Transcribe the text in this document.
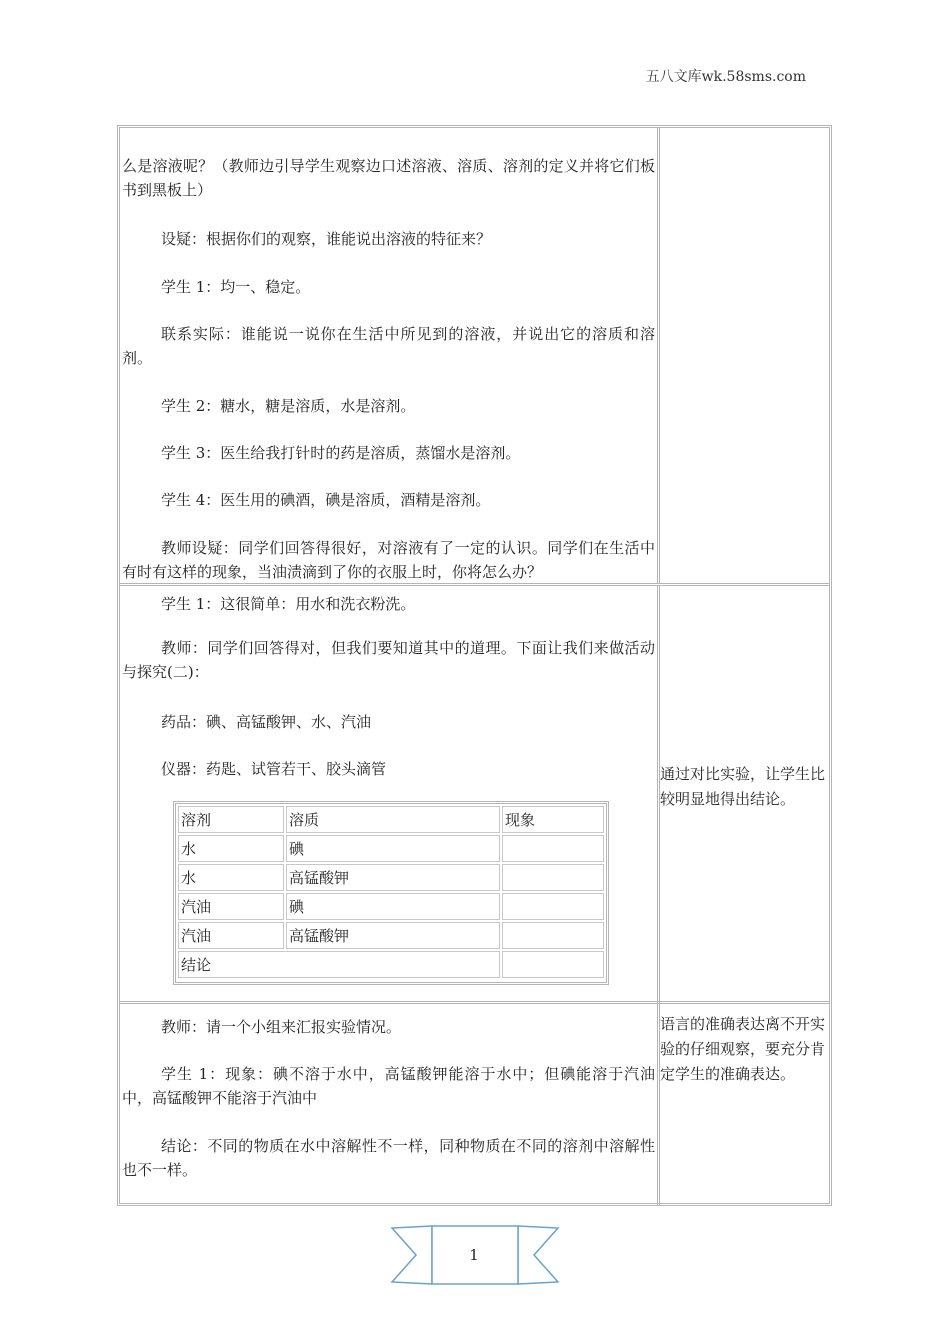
五八文库wk.58sms.com

么是溶液呢？（教师边引导学生观察边口述溶液、溶质、溶剂的定义并将它们板书到黑板上）

设疑：根据你们的观察，谁能说出溶液的特征来？

学生 1：均一、稳定。

联系实际：谁能说一说你在生活中所见到的溶液，并说出它的溶质和溶剂。

学生 2：糖水，糖是溶质，水是溶剂。

学生 3：医生给我打针时的药是溶质，蒸馏水是溶剂。

学生 4：医生用的碘酒，碘是溶质，酒精是溶剂。

教师设疑：同学们回答得很好，对溶液有了一定的认识。同学们在生活中有时有这样的现象，当油渍滴到了你的衣服上时，你将怎么办？

学生 1：这很简单：用水和洗衣粉洗。

教师：同学们回答得对，但我们要知道其中的道理。下面让我们来做活动与探究(二)：

药品：碘、高锰酸钾、水、汽油

仪器：药匙、试管若干、胶头滴管

溶剂	溶质	现象
水	碘	
水	高锰酸钾	
汽油	碘	
汽油	高锰酸钾	
结论		

通过对比实验，让学生比较明显地得出结论。

教师：请一个小组来汇报实验情况。

学生 1：现象：碘不溶于水中，高锰酸钾能溶于水中；但碘能溶于汽油中，高锰酸钾不能溶于汽油中

结论：不同的物质在水中溶解性不一样，同种物质在不同的溶剂中溶解性也不一样。

语言的准确表达离不开实验的仔细观察，要充分肯定学生的准确表达。

1
